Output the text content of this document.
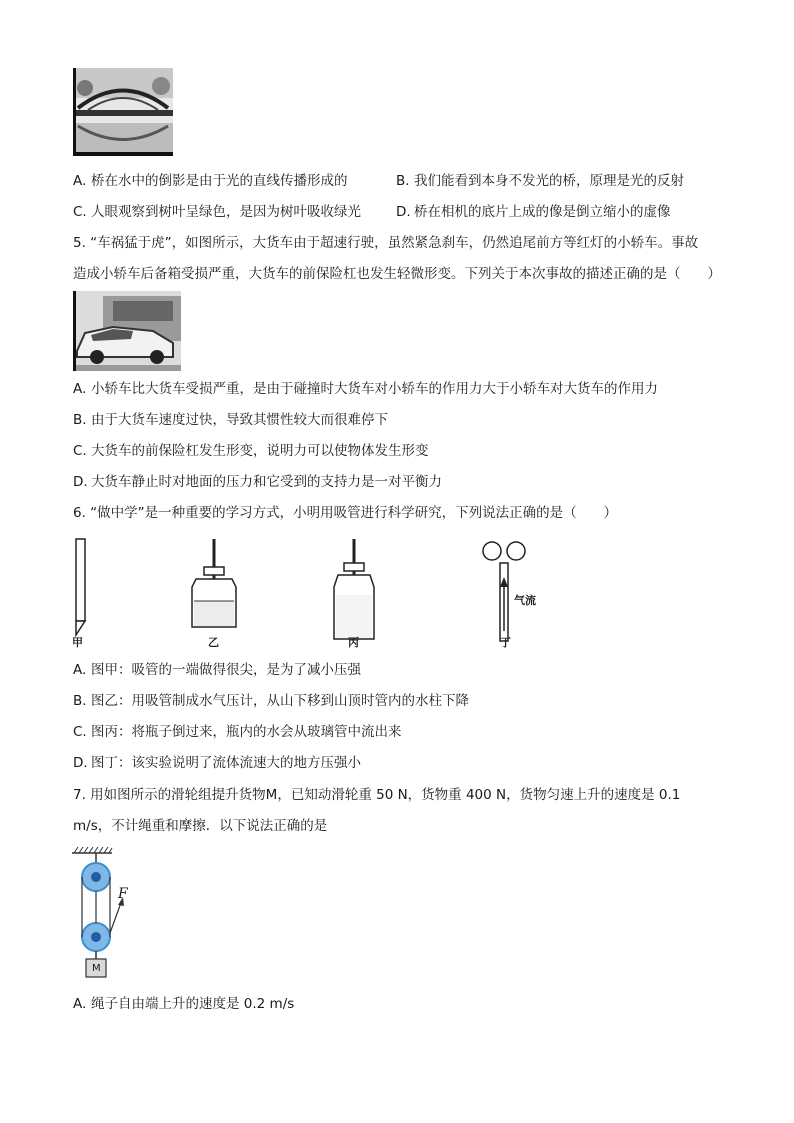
A. 桥在水中的倒影是由于光的直线传播形成的	B. 我们能看到本身不发光的桥，原理是光的反射
C. 人眼观察到树叶呈绿色，是因为树叶吸收绿光	D. 桥在相机的底片上成的像是倒立缩小的虚像
5. “车祸猛于虎”，如图所示，大货车由于超速行驶，虽然紧急刹车，仍然追尾前方等红灯的小轿车。事故
造成小轿车后备箱受损严重，大货车的前保险杠也发生轻微形变。下列关于本次事故的描述正确的是（　　）
A. 小轿车比大货车受损严重，是由于碰撞时大货车对小轿车的作用力大于小轿车对大货车的作用力
B. 由于大货车速度过快，导致其惯性较大而很难停下
C. 大货车的前保险杠发生形变，说明力可以使物体发生形变
D. 大货车静止时对地面的压力和它受到的支持力是一对平衡力
6. “做中学”是一种重要的学习方式，小明用吸管进行科学研究，下列说法正确的是（　　）
甲	乙	丙	丁
气流
A. 图甲：吸管的一端做得很尖，是为了减小压强
B. 图乙：用吸管制成水气压计，从山下移到山顶时管内的水柱下降
C. 图丙：将瓶子倒过来，瓶内的水会从玻璃管中流出来
D. 图丁：该实验说明了流体流速大的地方压强小
7. 用如图所示的滑轮组提升货物M，已知动滑轮重 50 N，货物重 400 N，货物匀速上升的速度是 0.1
m/s，不计绳重和摩擦．以下说法正确的是
F
M
A. 绳子自由端上升的速度是 0.2 m/s
